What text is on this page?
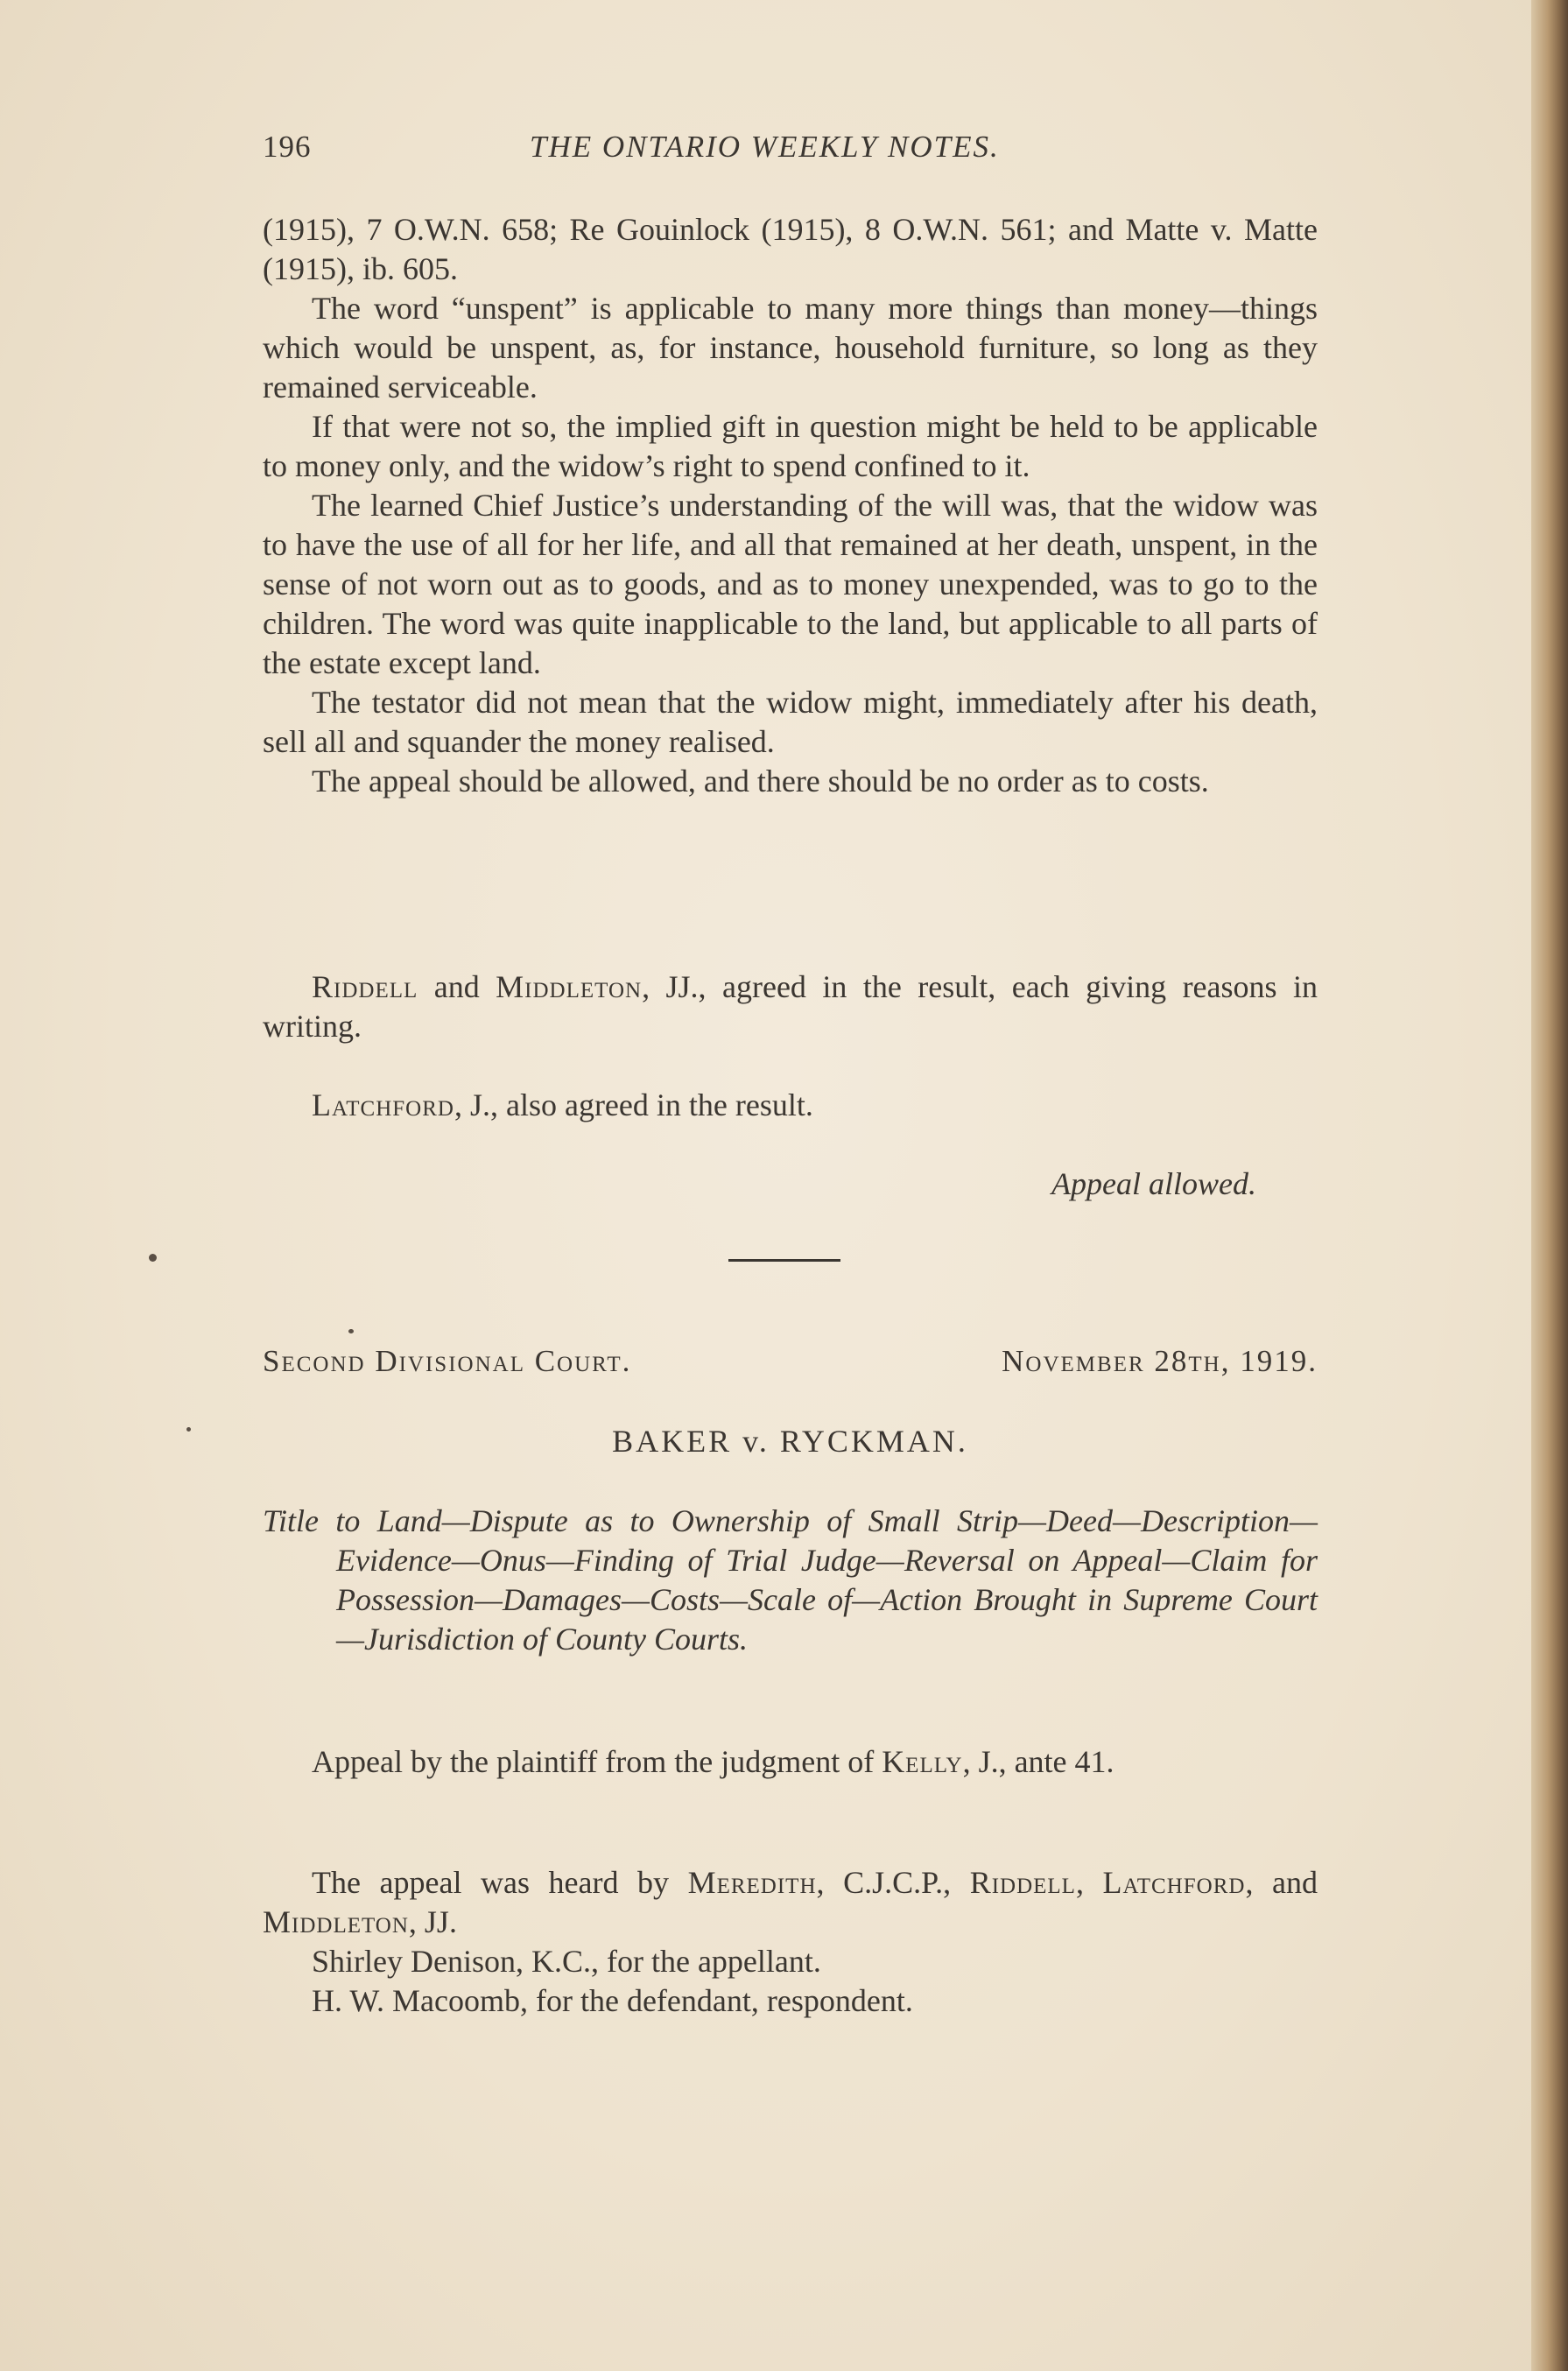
196	THE ONTARIO WEEKLY NOTES.

(1915), 7 O.W.N. 658; Re Gouinlock (1915), 8 O.W.N. 561; and Matte v. Matte (1915), ib. 605.

The word “unspent” is applicable to many more things than money—things which would be unspent, as, for instance, household furniture, so long as they remained serviceable.

If that were not so, the implied gift in question might be held to be applicable to money only, and the widow’s right to spend confined to it.

The learned Chief Justice’s understanding of the will was, that the widow was to have the use of all for her life, and all that remained at her death, unspent, in the sense of not worn out as to goods, and as to money unexpended, was to go to the children. The word was quite inapplicable to the land, but applicable to all parts of the estate except land.

The testator did not mean that the widow might, immediately after his death, sell all and squander the money realised.

The appeal should be allowed, and there should be no order as to costs.

Riddell and Middleton, JJ., agreed in the result, each giving reasons in writing.

Latchford, J., also agreed in the result.

Appeal allowed.

Second Divisional Court.	November 28th, 1919.
BAKER v. RYCKMAN.

Title to Land—Dispute as to Ownership of Small Strip—Deed—Description—Evidence—Onus—Finding of Trial Judge—Reversal on Appeal—Claim for Possession—Damages—Costs—Scale of—Action Brought in Supreme Court—Jurisdiction of County Courts.

Appeal by the plaintiff from the judgment of Kelly, J., ante 41.

The appeal was heard by Meredith, C.J.C.P., Riddell, Latchford, and Middleton, JJ.

Shirley Denison, K.C., for the appellant.

H. W. Macoomb, for the defendant, respondent.
